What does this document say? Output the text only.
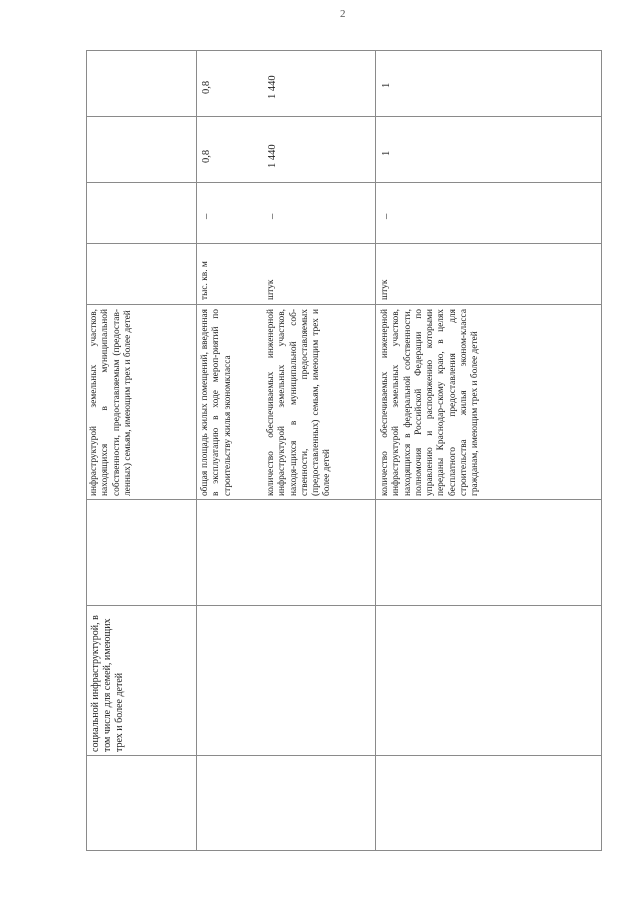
2
социальной инфраструктурой, в том числе для семей, имеющих трех и более детей
инфраструктурой земельных участков, находящихся в муниципальной собственности, предоставляемым (предостав-ленных) семьям, имеющим трех и более детей	общая площадь жилых помещений, введенная в эксплуатацию в ходе мероп-риятий по строительству жилья экономкласса
тыс. кв. м
–
0,8
0,8
количество обеспечиваемых инженерной инфраструктурой земельных участков, находя-щихся в муниципальной соб-ственности, предоставляемых (предоставленных) семьям, имеющим трех и более детей
штук
–
1 440
1 440
количество обеспечиваемых инженерной инфраструктурой земельных участков, находящихся в федеральной собственности, полномочия Российской Федерации по управлению и распоряжению которыми переданы Краснодар-скому краю, в целях бесплатного предоставления для строительства жилья эконом-класса гражданам, имеющим трех и более детей
штук
–
1
1
